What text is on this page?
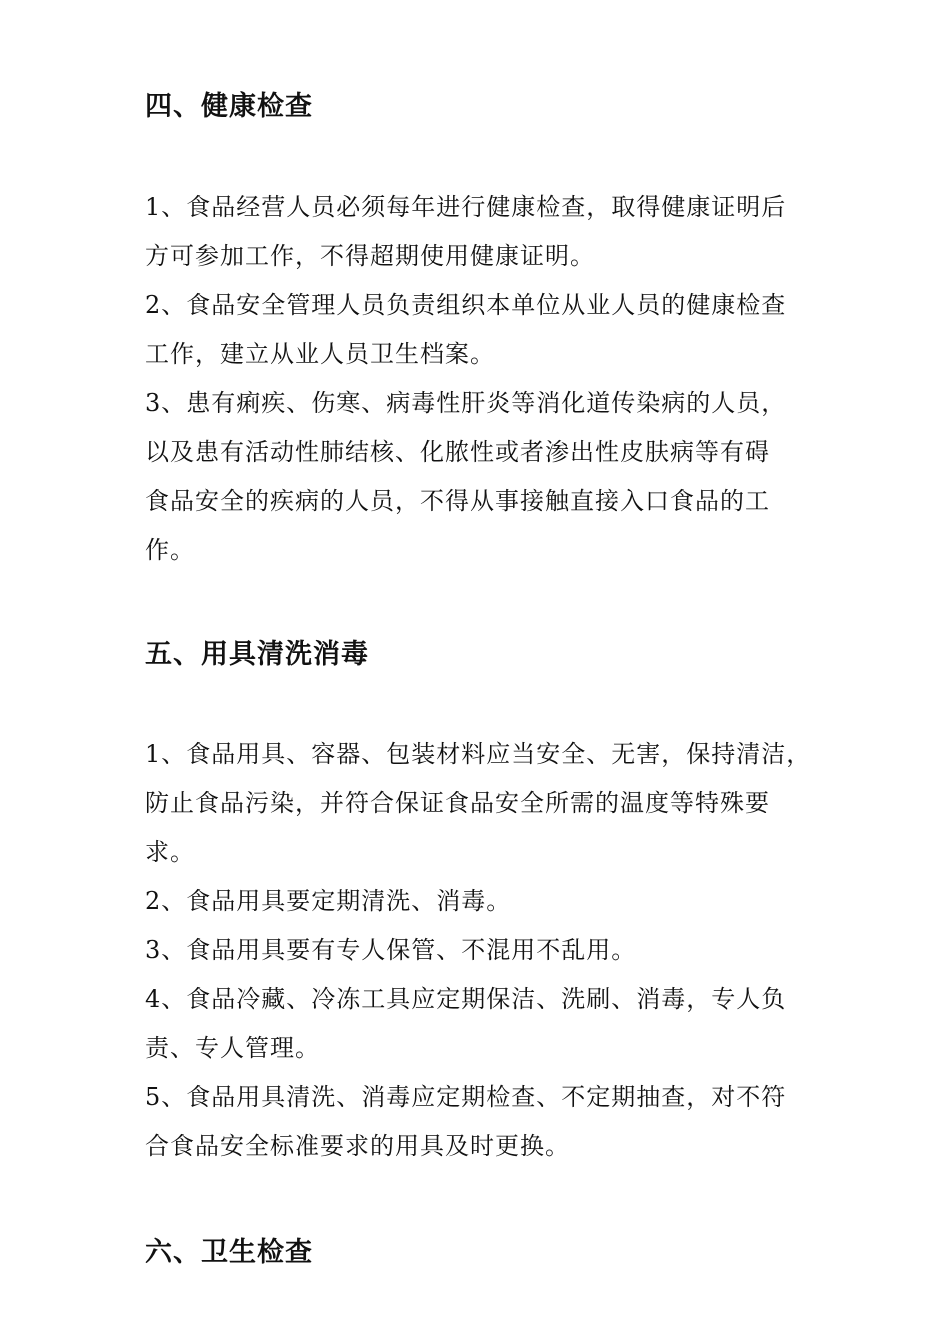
四、健康检查
1、食品经营人员必须每年进行健康检查，取得健康证明后
方可参加工作，不得超期使用健康证明。
2、食品安全管理人员负责组织本单位从业人员的健康检查
工作，建立从业人员卫生档案。
3、患有痢疾、伤寒、病毒性肝炎等消化道传染病的人员，
以及患有活动性肺结核、化脓性或者渗出性皮肤病等有碍
食品安全的疾病的人员，不得从事接触直接入口食品的工
作。
五、用具清洗消毒
1、食品用具、容器、包装材料应当安全、无害，保持清洁，
防止食品污染，并符合保证食品安全所需的温度等特殊要
求。
2、食品用具要定期清洗、消毒。
3、食品用具要有专人保管、不混用不乱用。
4、食品冷藏、冷冻工具应定期保洁、洗刷、消毒，专人负
责、专人管理。
5、食品用具清洗、消毒应定期检查、不定期抽查，对不符
合食品安全标准要求的用具及时更换。
六、卫生检查
